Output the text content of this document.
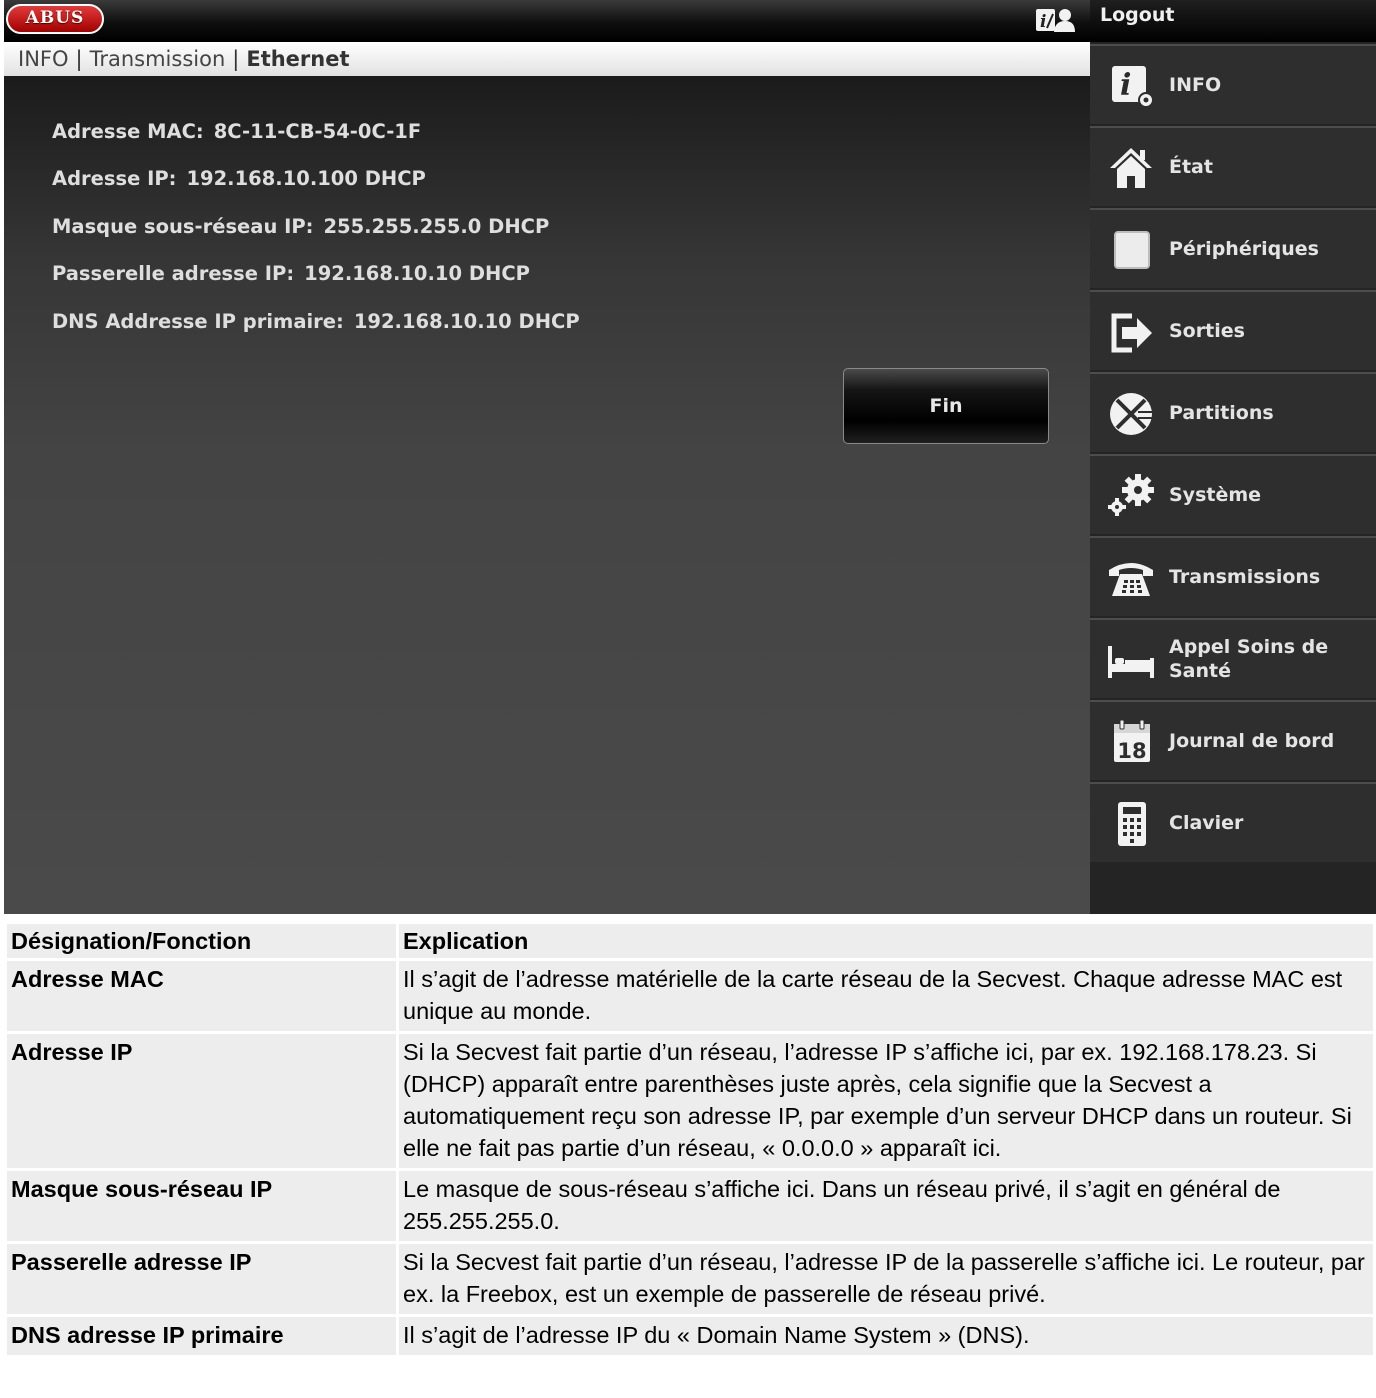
ABUS	i
INFO | Transmission | Ethernet
Adresse MAC: 8C-11-CB-54-0C-1F
Adresse IP: 192.168.10.100 DHCP
Masque sous-réseau IP: 255.255.255.0 DHCP
Passerelle adresse IP: 192.168.10.10 DHCP
DNS Addresse IP primaire: 192.168.10.10 DHCP
Fin
Logout
i INFO
État
Périphériques
Sorties
Partitions
Système
Transmissions
Appel Soins de Santé
18 Journal de bord
Clavier
Désignation/Fonction	Explication
Adresse MAC	Il s’agit de l’adresse matérielle de la carte réseau de la Secvest. Chaque adresse MAC est unique au monde.
Adresse IP	Si la Secvest fait partie d’un réseau, l’adresse IP s’affiche ici, par ex. 192.168.178.23. Si (DHCP) apparaît entre parenthèses juste après, cela signifie que la Secvest a automatiquement reçu son adresse IP, par exemple d’un serveur DHCP dans un routeur. Si elle ne fait pas partie d’un réseau, « 0.0.0.0 » apparaît ici.
Masque sous-réseau IP	Le masque de sous-réseau s’affiche ici. Dans un réseau privé, il s’agit en général de 255.255.255.0.
Passerelle adresse IP	Si la Secvest fait partie d’un réseau, l’adresse IP de la passerelle s’affiche ici. Le routeur, par ex. la Freebox, est un exemple de passerelle de réseau privé.
DNS adresse IP primaire	Il s’agit de l’adresse IP du « Domain Name System » (DNS).
